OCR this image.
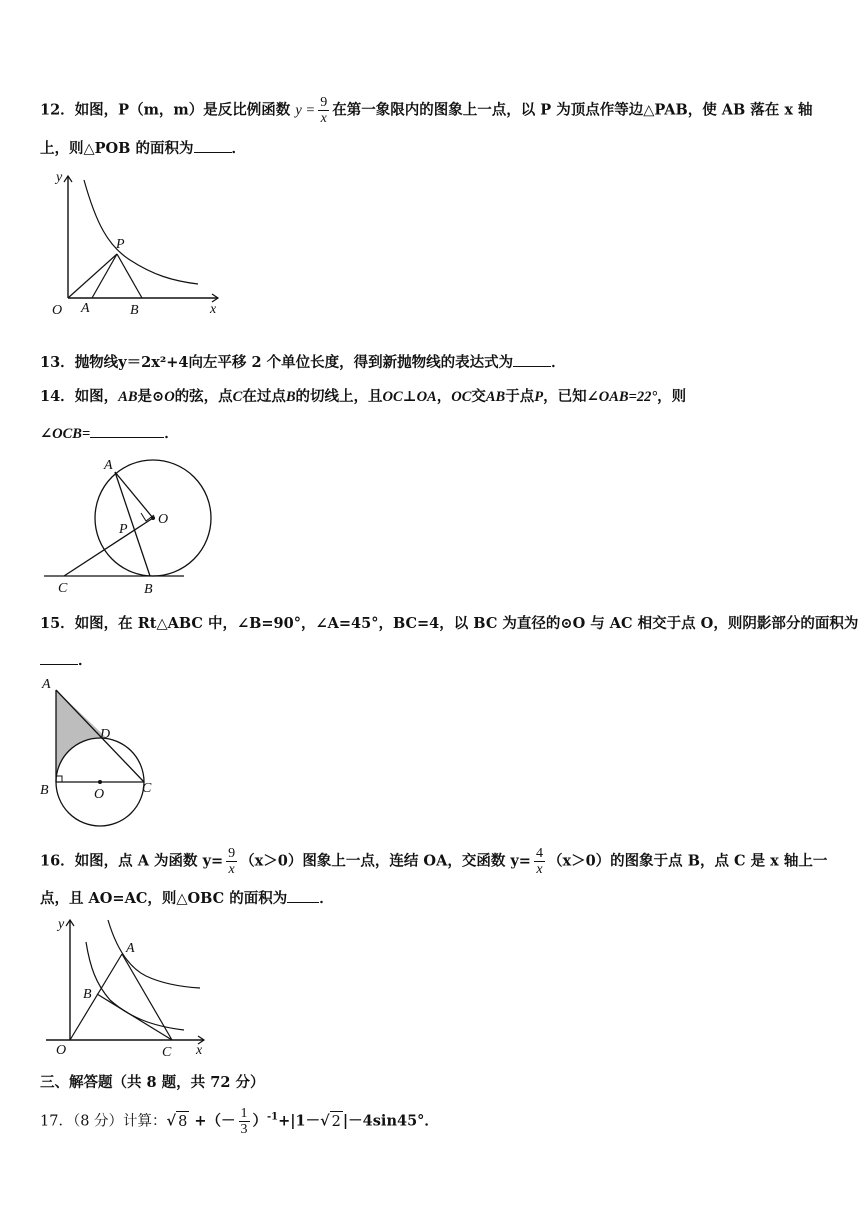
12．如图，P（m，m）是反比例函数 $y = \frac{9}{x}$ 在第一象限内的图象上一点，以 P 为顶点作等边△PAB，使 AB 落在 x 轴
上，则△POB 的面积为	．
y
x
O A	B
P
13．抛物线y＝2x²+4向左平移 2 个单位长度，得到新抛物线的表达式为	．
14．如图，AB是⊙O的弦，点C在过点B的切线上，且OC⊥OA，OC交AB于点P，已知∠OAB=22°，则
∠OCB=	．
A
O
P
C	B
15．如图，在 Rt△ABC 中，∠B=90°，∠A=45°，BC=4，以 BC 为直径的⊙O 与 AC 相交于点 O，则阴影部分的面积为
．
A
D
B	O	C
16．如图，点 A 为函数 $y= \frac{9}{x} (x>0)$图象上一点，连结 OA，交函数 $y= \frac{4}{x} (x>0)$的图象于点 B，点 C 是 x 轴上一
点，且 AO=AC，则△OBC 的面积为 ．
y
x
O
A
B
C
三、解答题（共 8 题，共 72 分）
17．（8 分）计算：√ 8 +（－ $\frac{1}{3} )^{-1}+|1-√$ 2 |－4sin45°．
